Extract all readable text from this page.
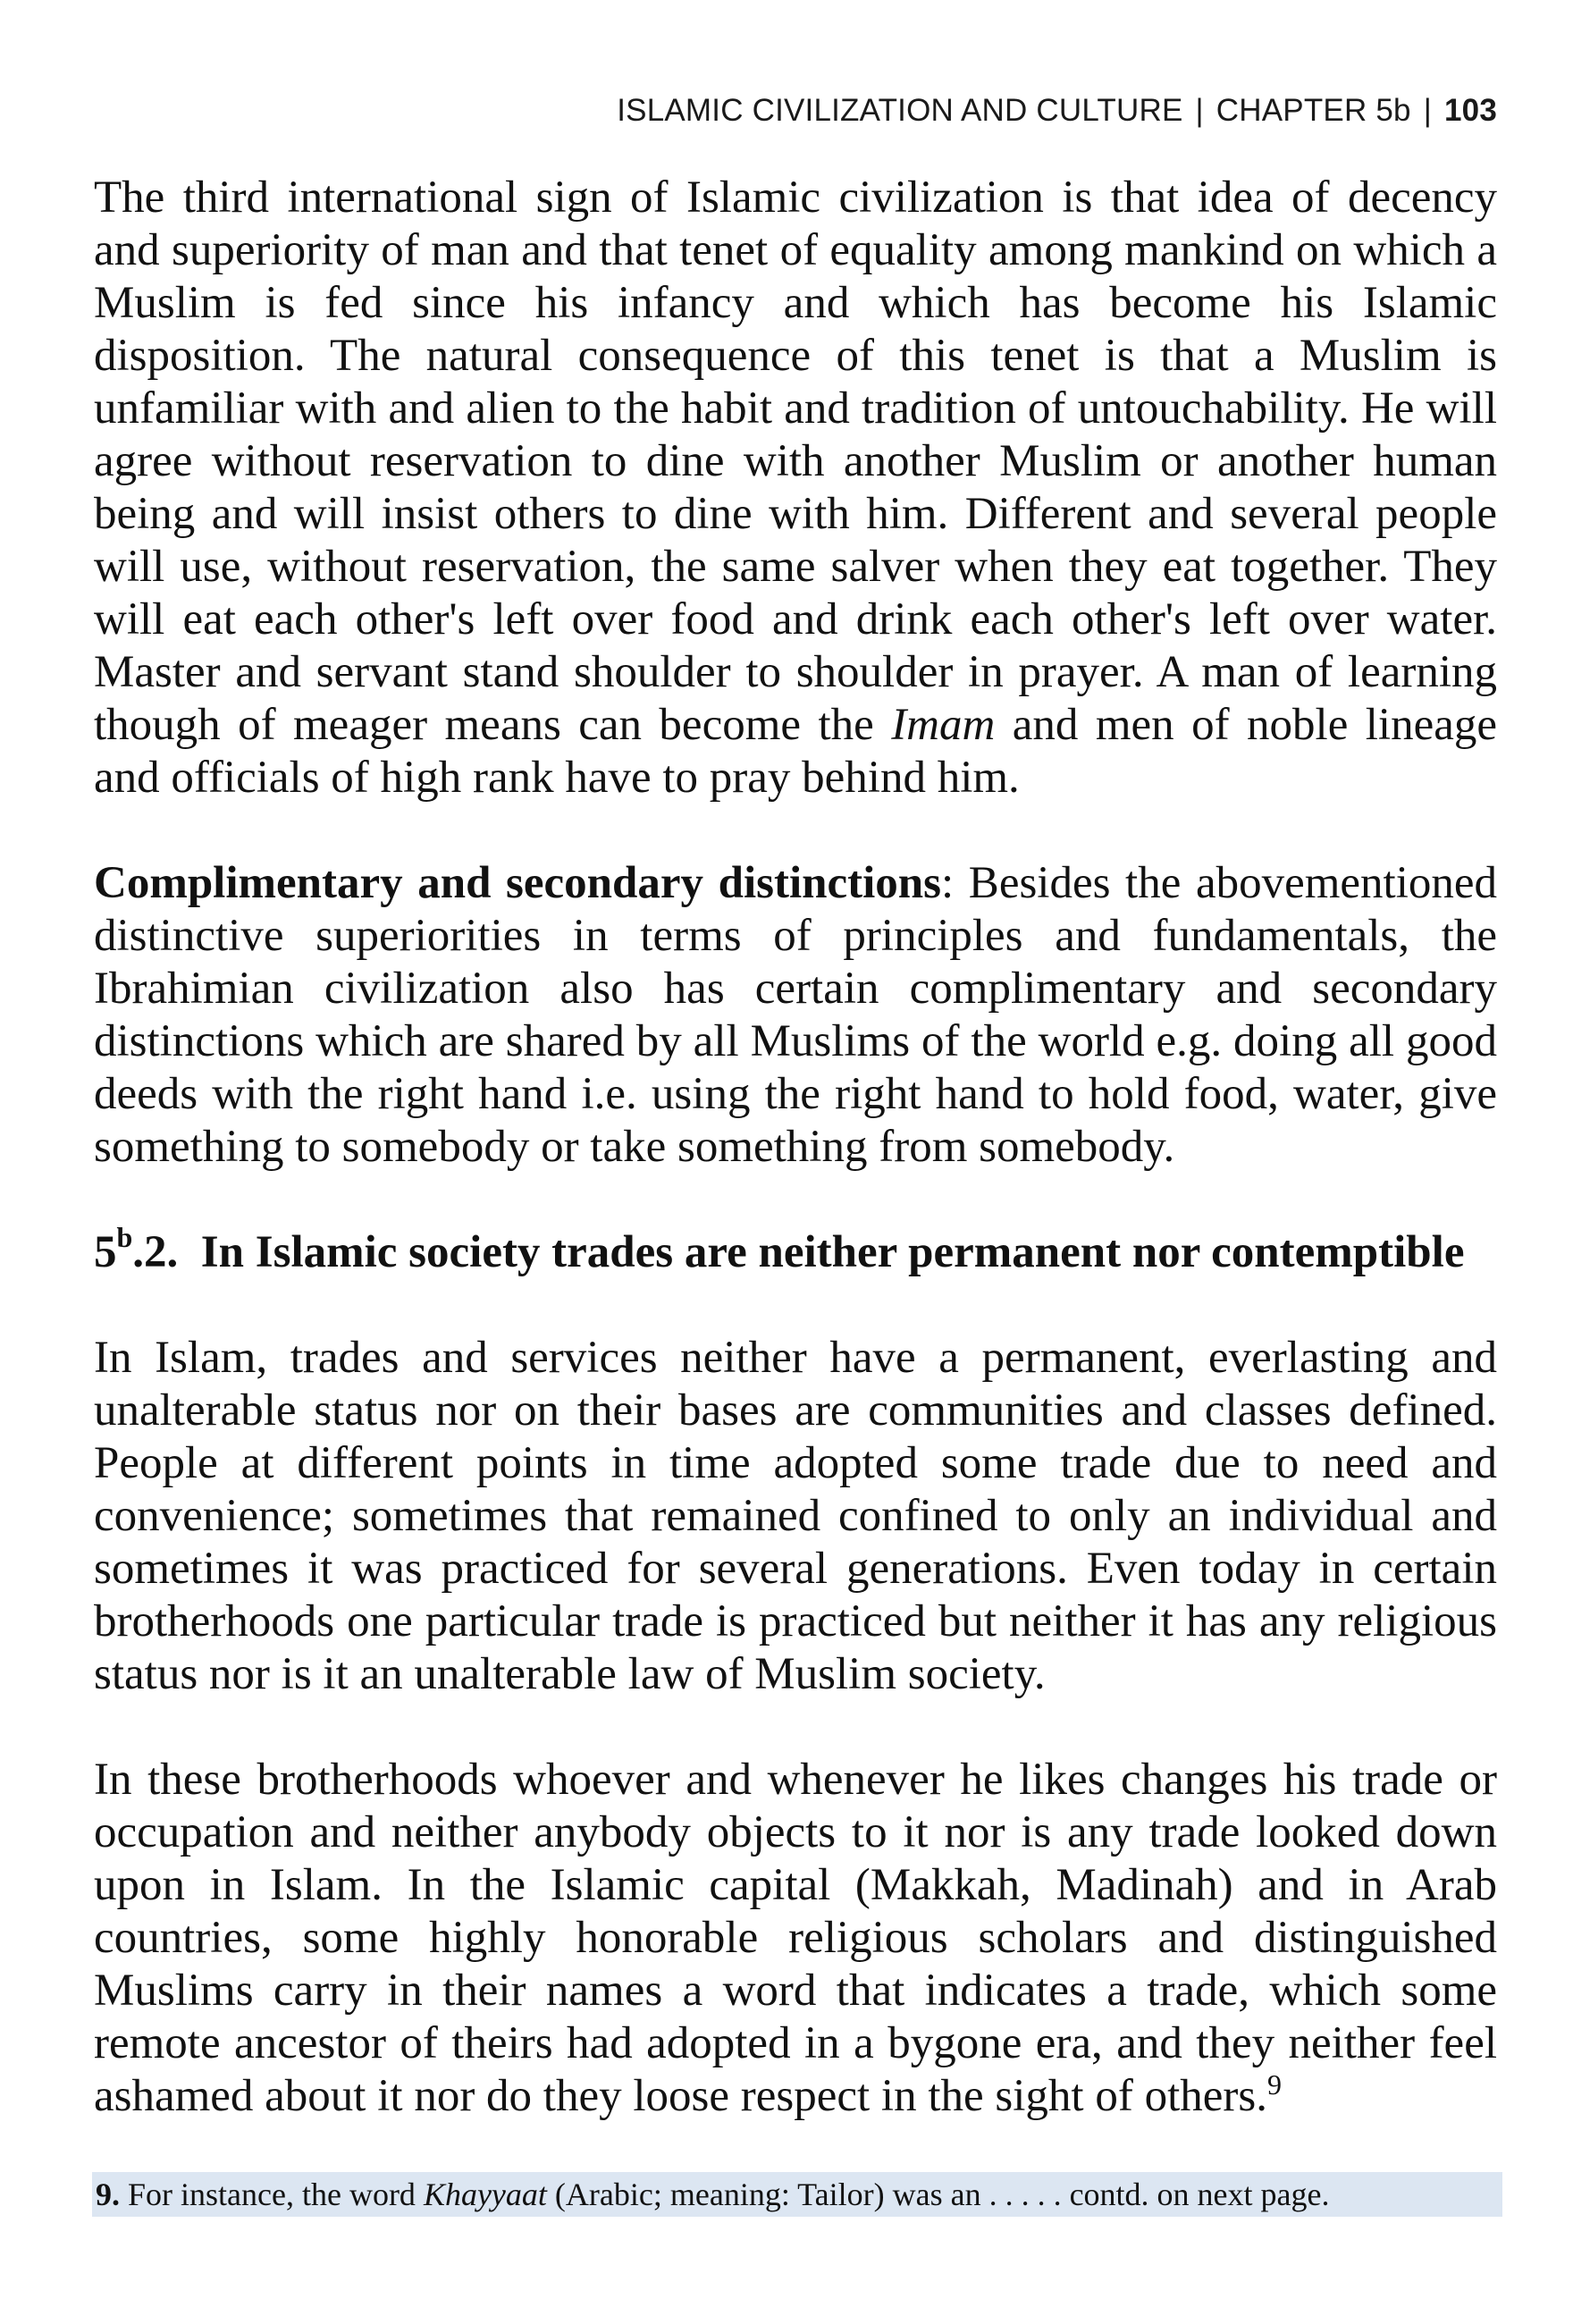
ISLAMIC CIVILIZATION AND CULTURE | CHAPTER 5b | 103

The third international sign of Islamic civilization is that idea of decency and superiority of man and that tenet of equality among mankind on which a Muslim is fed since his infancy and which has become his Islamic disposition. The natural consequence of this tenet is that a Muslim is unfamiliar with and alien to the habit and tradition of untouchability. He will agree without reservation to dine with another Muslim or another human being and will insist others to dine with him. Different and several people will use, without reservation, the same salver when they eat together. They will eat each other's left over food and drink each other's left over water. Master and servant stand shoulder to shoulder in prayer. A man of learning though of meager means can become the Imam and men of noble lineage and officials of high rank have to pray behind him.

Complimentary and secondary distinctions: Besides the abovementioned distinctive superiorities in terms of principles and fundamentals, the Ibrahimian civilization also has certain complimentary and secondary distinctions which are shared by all Muslims of the world e.g. doing all good deeds with the right hand i.e. using the right hand to hold food, water, give something to somebody or take something from somebody.

5$^b$.2. In Islamic society trades are neither permanent nor contemptible

In Islam, trades and services neither have a permanent, everlasting and unalterable status nor on their bases are communities and classes defined. People at different points in time adopted some trade due to need and convenience; sometimes that remained confined to only an individual and sometimes it was practiced for several generations. Even today in certain brotherhoods one particular trade is practiced but neither it has any religious status nor is it an unalterable law of Muslim society.

In these brotherhoods whoever and whenever he likes changes his trade or occupation and neither anybody objects to it nor is any trade looked down upon in Islam. In the Islamic capital (Makkah, Madinah) and in Arab countries, some highly honorable religious scholars and distinguished Muslims carry in their names a word that indicates a trade, which some remote ancestor of theirs had adopted in a bygone era, and they neither feel ashamed about it nor do they loose respect in the sight of others.$^9$

9. For instance, the word Khayyaat (Arabic; meaning: Tailor) was an . . . . . contd. on next page.
